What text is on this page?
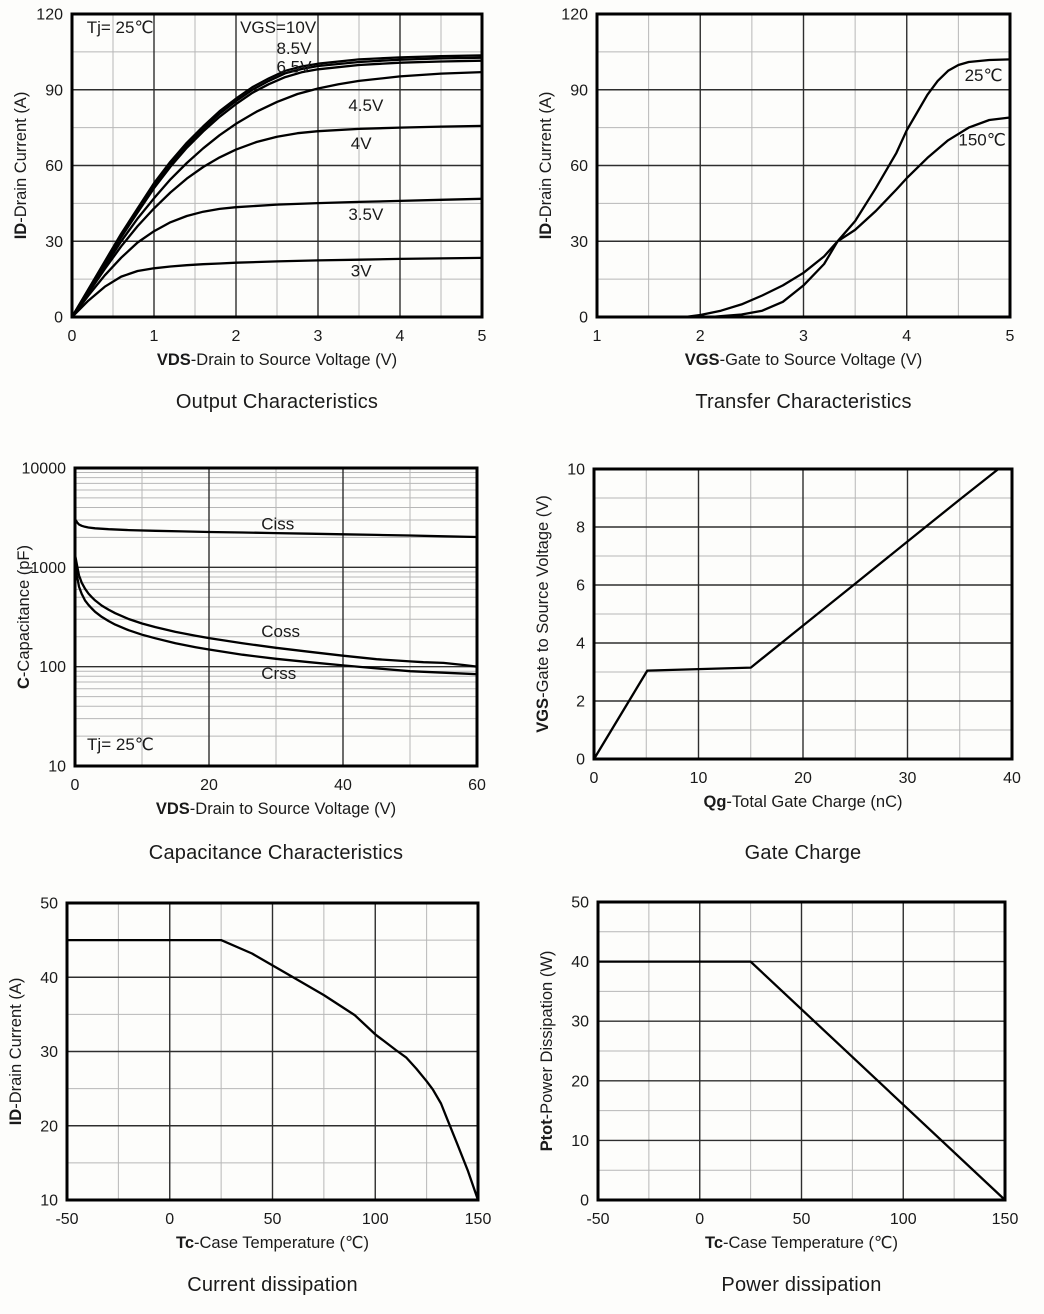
Tj= 25℃	VGS=10V
8.5V
6.5V
4.5V
4V
3.5V
3V
0	1	2	3	4	5
0
30
60
90
120
VDS-Drain to Source Voltage (V)
ID-Drain Current (A)
25℃
150℃
1	2	3	4	5
0
30
60
90
120
VGS-Gate to Source Voltage (V)
ID-Drain Current (A)
Ciss
Coss
Crss
Tj= 25℃
0	20	40	60
10
100
1000
10000
VDS-Drain to Source Voltage (V)
C-Capacitance (pF)
0	10	20	30	40
0
2
4
6
8
10
Qg-Total Gate Charge (nC)
VGS-Gate to Source Voltage (V)
-50	0	50	100	150
10
20
30
40
50
Tc-Case Temperature (℃)
ID-Drain Current (A)
-50	0	50	100	150
0
10
20
30
40
50
Tc-Case Temperature (℃)
Ptot-Power Dissipation (W)
Output Characteristics	Transfer Characteristics
Capacitance Characteristics	Gate Charge
Current dissipation	Power dissipation
